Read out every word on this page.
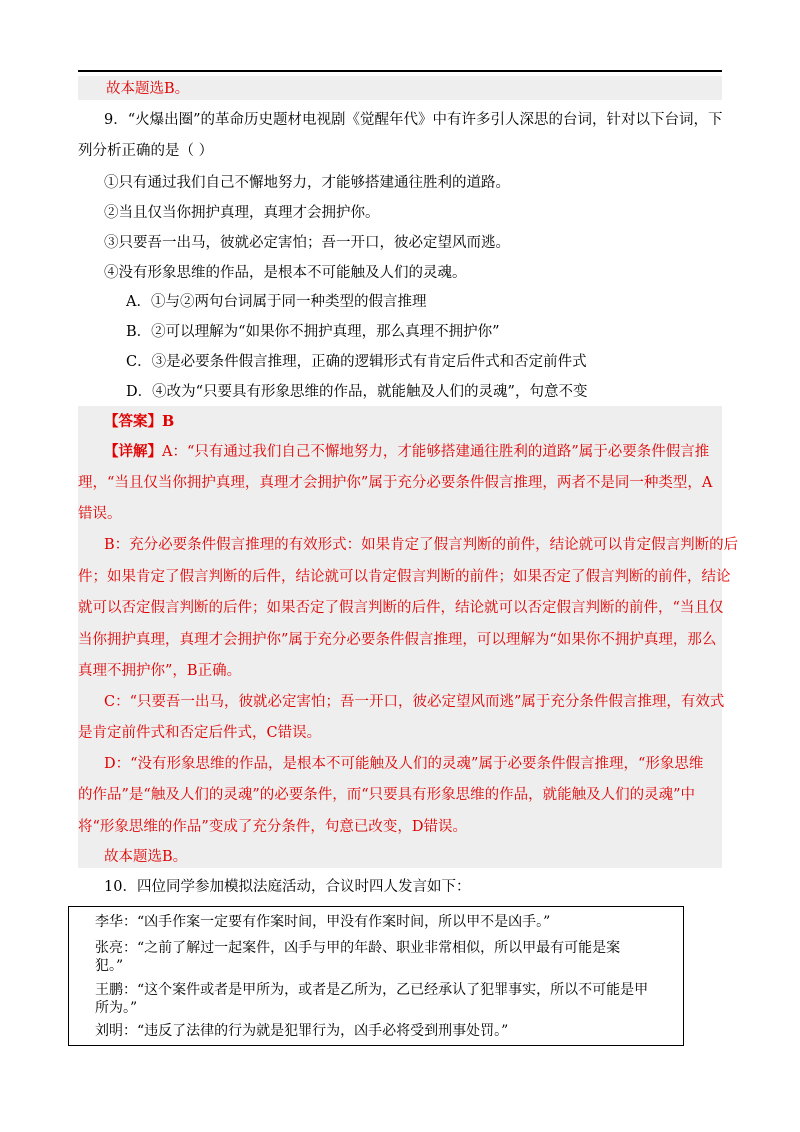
故本题选B。
9．“火爆出圈”的革命历史题材电视剧《觉醒年代》中有许多引人深思的台词，针对以下台词，下
列分析正确的是（ ）
①只有通过我们自己不懈地努力，才能够搭建通往胜利的道路。
②当且仅当你拥护真理，真理才会拥护你。
③只要吾一出马，彼就必定害怕；吾一开口，彼必定望风而逃。
④没有形象思维的作品，是根本不可能触及人们的灵魂。
A．①与②两句台词属于同一种类型的假言推理
B．②可以理解为“如果你不拥护真理，那么真理不拥护你”
C．③是必要条件假言推理，正确的逻辑形式有肯定后件式和否定前件式
D．④改为“只要具有形象思维的作品，就能触及人们的灵魂”，句意不变
【答案】B
【详解】A：“只有通过我们自己不懈地努力，才能够搭建通往胜利的道路”属于必要条件假言推
理，“当且仅当你拥护真理，真理才会拥护你”属于充分必要条件假言推理，两者不是同一种类型，A
错误。
B：充分必要条件假言推理的有效形式：如果肯定了假言判断的前件，结论就可以肯定假言判断的后
件；如果肯定了假言判断的后件，结论就可以肯定假言判断的前件；如果否定了假言判断的前件，结论
就可以否定假言判断的后件；如果否定了假言判断的后件，结论就可以否定假言判断的前件，“当且仅
当你拥护真理，真理才会拥护你”属于充分必要条件假言推理，可以理解为“如果你不拥护真理，那么
真理不拥护你”，B正确。
C：“只要吾一出马，彼就必定害怕；吾一开口，彼必定望风而逃”属于充分条件假言推理，有效式
是肯定前件式和否定后件式，C错误。
D：“没有形象思维的作品，是根本不可能触及人们的灵魂”属于必要条件假言推理，“形象思维
的作品”是“触及人们的灵魂”的必要条件，而“只要具有形象思维的作品，就能触及人们的灵魂”中
将“形象思维的作品”变成了充分条件，句意已改变，D错误。
故本题选B。
10．四位同学参加模拟法庭活动，合议时四人发言如下：
李华：“凶手作案一定要有作案时间，甲没有作案时间，所以甲不是凶手。”
张亮：“之前了解过一起案件，凶手与甲的年龄、职业非常相似，所以甲最有可能是案
犯。”
王鹏：“这个案件或者是甲所为，或者是乙所为，乙已经承认了犯罪事实，所以不可能是甲
所为。”
刘明：“违反了法律的行为就是犯罪行为，凶手必将受到刑事处罚。”
